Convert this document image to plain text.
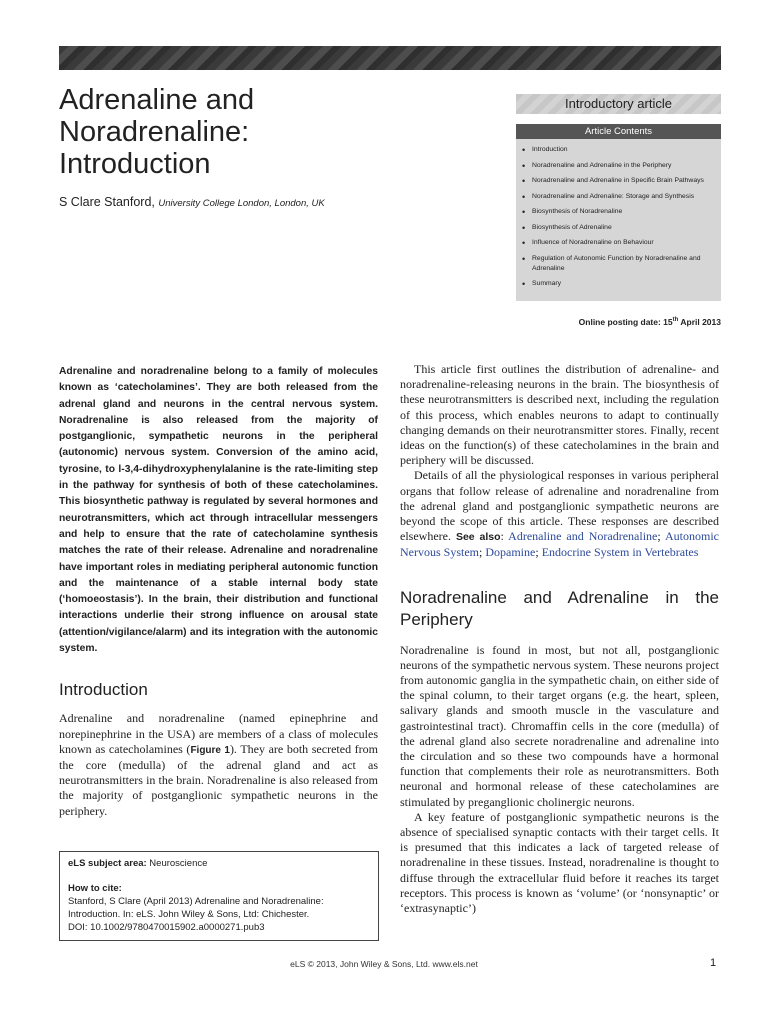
Adrenaline and
Noradrenaline:
Introduction
S Clare Stanford, University College London, London, UK
Introductory article
Article Contents
• Introduction
• Noradrenaline and Adrenaline in the Periphery
• Noradrenaline and Adrenaline in Specific Brain Pathways
• Noradrenaline and Adrenaline: Storage and Synthesis
• Biosynthesis of Noradrenaline
• Biosynthesis of Adrenaline
• Influence of Noradrenaline on Behaviour
• Regulation of Autonomic Function by Noradrenaline and Adrenaline
• Summary
Online posting date: 15th April 2013

Adrenaline and noradrenaline belong to a family of molecules known as ‘catecholamines’. They are both released from the adrenal gland and neurons in the central nervous system. Noradrenaline is also released from the majority of postganglionic, sympathetic neurons in the peripheral (autonomic) nervous system. Conversion of the amino acid, tyrosine, to l-3,4-dihydroxyphenylalanine is the rate-limiting step in the pathway for synthesis of both of these catecholamines. This biosynthetic pathway is regulated by several hormones and neurotransmitters, which act through intracellular messengers and help to ensure that the rate of catecholamine synthesis matches the rate of their release. Adrenaline and noradrenaline have important roles in mediating peripheral autonomic function and the maintenance of a stable internal body state (‘homoeostasis’). In the brain, their distribution and functional interactions underlie their strong influence on arousal state (attention/vigilance/alarm) and its integration with the autonomic system.

Introduction

Adrenaline and noradrenaline (named epinephrine and norepinephrine in the USA) are members of a class of molecules known as catecholamines (Figure 1). They are both secreted from the core (medulla) of the adrenal gland and act as neurotransmitters in the brain. Noradrenaline is also released from the majority of postganglionic sympathetic neurons in the periphery.

eLS subject area: Neuroscience
How to cite:
Stanford, S Clare (April 2013) Adrenaline and Noradrenaline:
Introduction. In: eLS. John Wiley & Sons, Ltd: Chichester.
DOI: 10.1002/9780470015902.a0000271.pub3

This article first outlines the distribution of adrenaline- and noradrenaline-releasing neurons in the brain. The biosynthesis of these neurotransmitters is described next, including the regulation of this process, which enables neurons to adapt to continually changing demands on their neurotransmitter stores. Finally, recent ideas on the function(s) of these catecholamines in the brain and periphery will be discussed.

Details of all the physiological responses in various peripheral organs that follow release of adrenaline and noradrenaline from the adrenal gland and postganglionic sympathetic neurons are beyond the scope of this article. These responses are described elsewhere. See also: Adrenaline and Noradrenaline; Autonomic Nervous System; Dopamine; Endocrine System in Vertebrates

Noradrenaline and Adrenaline in the Periphery

Noradrenaline is found in most, but not all, postganglionic neurons of the sympathetic nervous system. These neurons project from autonomic ganglia in the sympathetic chain, on either side of the spinal column, to their target organs (e.g. the heart, spleen, salivary glands and smooth muscle in the vasculature and gastrointestinal tract). Chromaffin cells in the core (medulla) of the adrenal gland also secrete noradrenaline and adrenaline into the circulation and so these two compounds have a hormonal function that complements their role as neurotransmitters. Both neuronal and hormonal release of these catecholamines are stimulated by preganglionic cholinergic neurons.

A key feature of postganglionic sympathetic neurons is the absence of specialised synaptic contacts with their target cells. It is presumed that this indicates a lack of targeted release of noradrenaline in these tissues. Instead, noradrenaline is thought to diffuse through the extracellular fluid before it reaches its target receptors. This process is known as ‘volume’ (or ‘nonsynaptic’ or ‘extrasynaptic’)

eLS © 2013, John Wiley & Sons, Ltd. www.els.net	1
